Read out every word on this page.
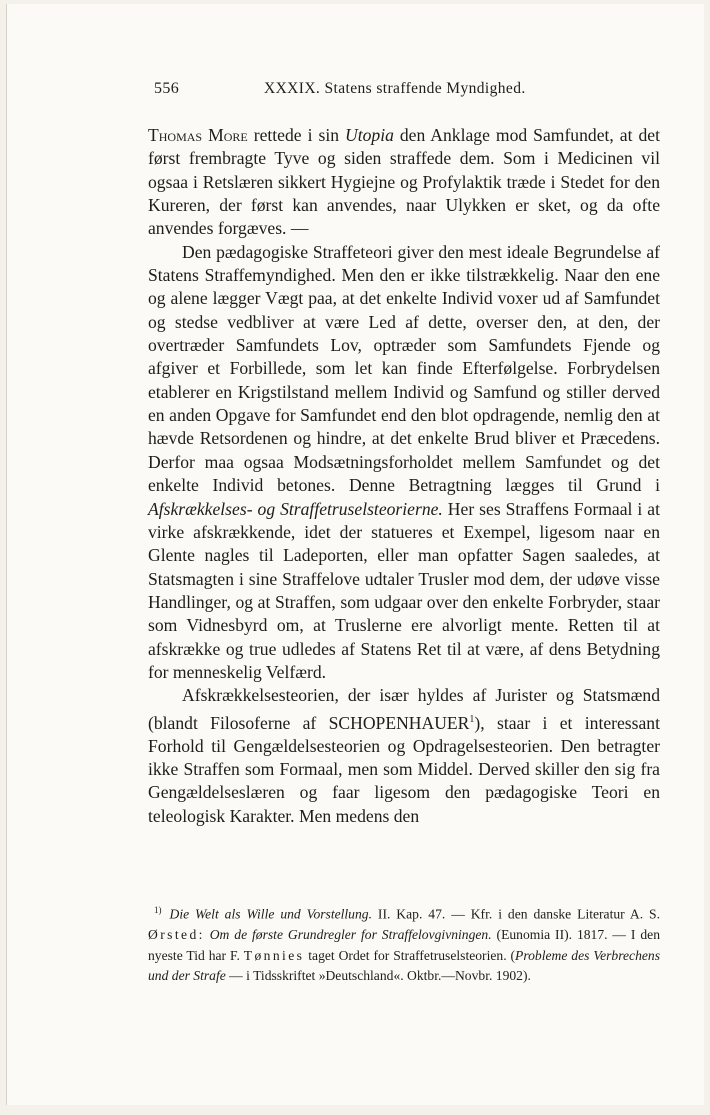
556	XXXIX. Statens straffende Myndighed.

Thomas More rettede i sin Utopia den Anklage mod Samfundet, at det først frembragte Tyve og siden straffede dem. Som i Medicinen vil ogsaa i Retslæren sikkert Hygiejne og Profylaktik træde i Stedet for den Kureren, der først kan anvendes, naar Ulykken er sket, og da ofte anvendes forgæves. —

Den pædagogiske Straffeteori giver den mest ideale Begrundelse af Statens Straffemyndighed. Men den er ikke tilstrækkelig. Naar den ene og alene lægger Vægt paa, at det enkelte Individ voxer ud af Samfundet og stedse vedbliver at være Led af dette, overser den, at den, der overtræder Samfundets Lov, optræder som Samfundets Fjende og afgiver et Forbillede, som let kan finde Efterfølgelse. Forbrydelsen etablerer en Krigstilstand mellem Individ og Samfund og stiller derved en anden Opgave for Samfundet end den blot opdragende, nemlig den at hævde Retsordenen og hindre, at det enkelte Brud bliver et Præcedens. Derfor maa ogsaa Modsætningsforholdet mellem Samfundet og det enkelte Individ betones. Denne Betragtning lægges til Grund i Afskrækkelses- og Straffetruselsteorierne. Her ses Straffens Formaal i at virke afskrækkende, idet der statueres et Exempel, ligesom naar en Glente nagles til Ladeporten, eller man opfatter Sagen saaledes, at Statsmagten i sine Straffelove udtaler Trusler mod dem, der udøve visse Handlinger, og at Straffen, som udgaar over den enkelte Forbryder, staar som Vidnesbyrd om, at Truslerne ere alvorligt mente. Retten til at afskrække og true udledes af Statens Ret til at være, af dens Betydning for menneskelig Velfærd.

Afskrækkelsesteorien, der især hyldes af Jurister og Statsmænd (blandt Filosoferne af SCHOPENHAUER$^1$), staar i et interessant Forhold til Gengældelsesteorien og Opdragelsesteorien. Den betragter ikke Straffen som Formaal, men som Middel. Derved skiller den sig fra Gengældelseslæren og faar ligesom den pædagogiske Teori en teleologisk Karakter. Men medens den

$^{1)}$ Die Welt als Wille und Vorstellung. II. Kap. 47. — Kfr. i den danske Literatur A. S. Ørsted: Om de første Grundregler for Straffelovgivningen. (Eunomia II). 1817. — I den nyeste Tid har F. Tønnies taget Ordet for Straffetruselsteorien. (Probleme des Verbrechens und der Strafe — i Tidsskriftet »Deutschland«. Oktbr.—Novbr. 1902).
